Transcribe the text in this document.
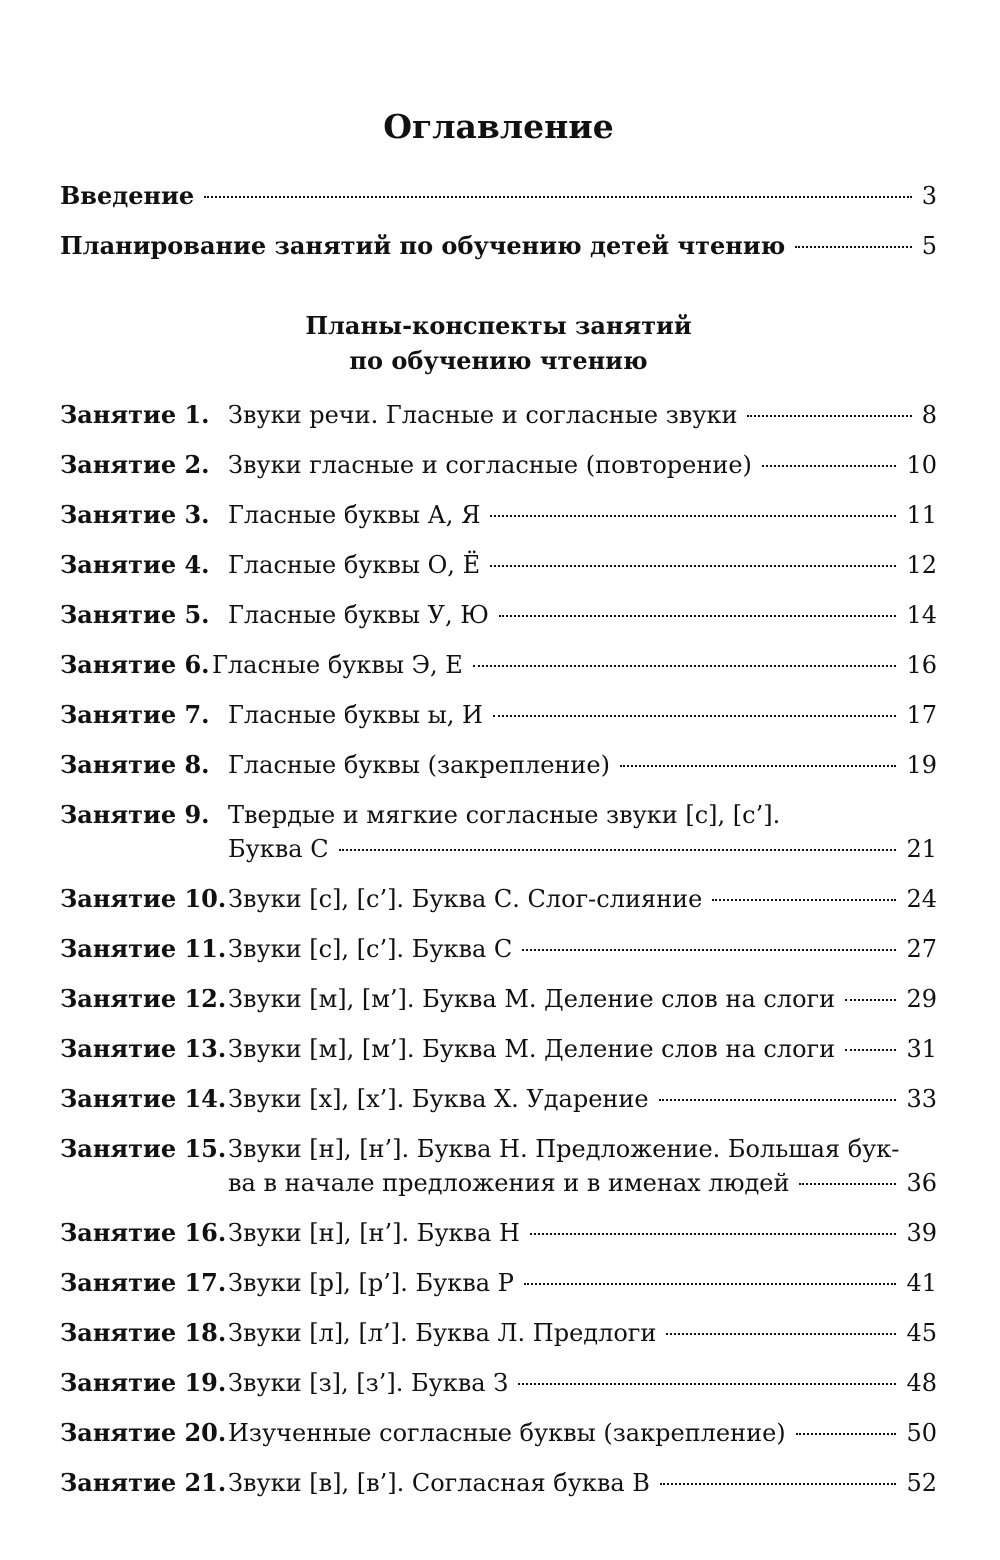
Оглавление
Введение	3
Планирование занятий по обучению детей чтению	5
Планы-конспекты занятий
по обучению чтению
Занятие 1. Звуки речи. Гласные и согласные звуки	8
Занятие 2. Звуки гласные и согласные (повторение)	10
Занятие 3. Гласные буквы А, Я	11
Занятие 4. Гласные буквы О, Ё	12
Занятие 5. Гласные буквы У, Ю	14
Занятие 6. Гласные буквы Э, Е	16
Занятие 7. Гласные буквы ы, И	17
Занятие 8. Гласные буквы (закрепление)	19
Занятие 9. Твердые и мягкие согласные звуки [с], [с’].
Буква С	21
Занятие 10. Звуки [с], [с’]. Буква С. Слог-слияние	24
Занятие 11. Звуки [с], [с’]. Буква С	27
Занятие 12. Звуки [м], [м’]. Буква М. Деление слов на слоги	29
Занятие 13. Звуки [м], [м’]. Буква М. Деление слов на слоги	31
Занятие 14. Звуки [х], [х’]. Буква Х. Ударение	33
Занятие 15. Звуки [н], [н’]. Буква Н. Предложение. Большая бук-
ва в начале предложения и в именах людей	36
Занятие 16. Звуки [н], [н’]. Буква Н	39
Занятие 17. Звуки [р], [р’]. Буква Р	41
Занятие 18. Звуки [л], [л’]. Буква Л. Предлоги	45
Занятие 19. Звуки [з], [з’]. Буква З	48
Занятие 20. Изученные согласные буквы (закрепление)	50
Занятие 21. Звуки [в], [в’]. Согласная буква В	52
